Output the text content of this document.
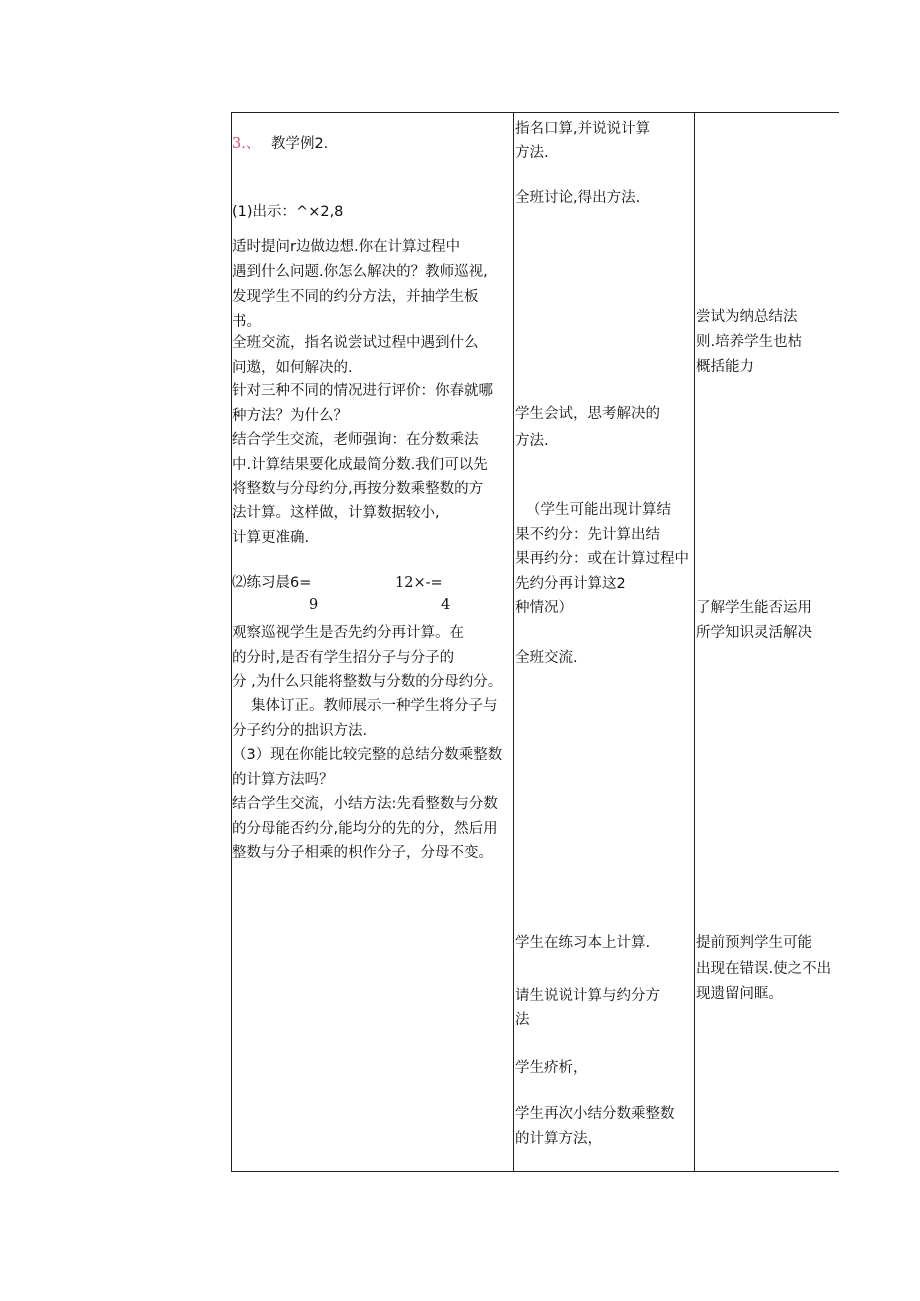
3.、 教学例2.
(1)出示：^×2,8
适时提问r边做边想.你在计算过程中
遇到什么问题.你怎么解决的？教师巡视,
发现学生不同的约分方法，并抽学生板
书。
全班交流，指名说尝试过程中遇到什么
问遨，如何解决的.
针对三种不同的情况进行评价：你春就哪
种方法？为什么？
结合学生交流，老师强询：在分数乘法
中.计算结果要化成最简分数.我们可以先
将整数与分母约分,再按分数乘整数的方
法计算。这样做，计算数据较小,
计算更准确.
⑵练习晨6=
9
12×-=
4
观察巡视学生是否先约分再计算。在
的分时,是否有学生招分子与分子的
分 ,为什么只能将整数与分数的分母约分。
集体订正。教师展示一种学生将分子与
分子约分的拙识方法.
（3）现在你能比较完整的总结分数乘整数
的计算方法吗？
结合学生交流，小结方法:先看整数与分数
的分母能否约分,能均分的先的分，然后用
整数与分子相乘的枳作分子，分母不变。
指名口算,并说说计算
方法.
全班讨论,得出方法.
学生会试，思考解决的
方法.
（学生可能出现计算结
果不约分：先计算出结
果再约分：或在计算过程中
先约分再计算这2
种情况）
全班交流.
学生在练习本上计算.
请生说说计算与约分方
法
学生疥析，
学生再次小结分数乘整数
的计算方法，
尝试为纳总结法
则.培养学生也枯
概括能力
了解学生能否运用
所学知识灵活解决
提前预判学生可能
出现在错误.使之不出
现遗留问眶。
